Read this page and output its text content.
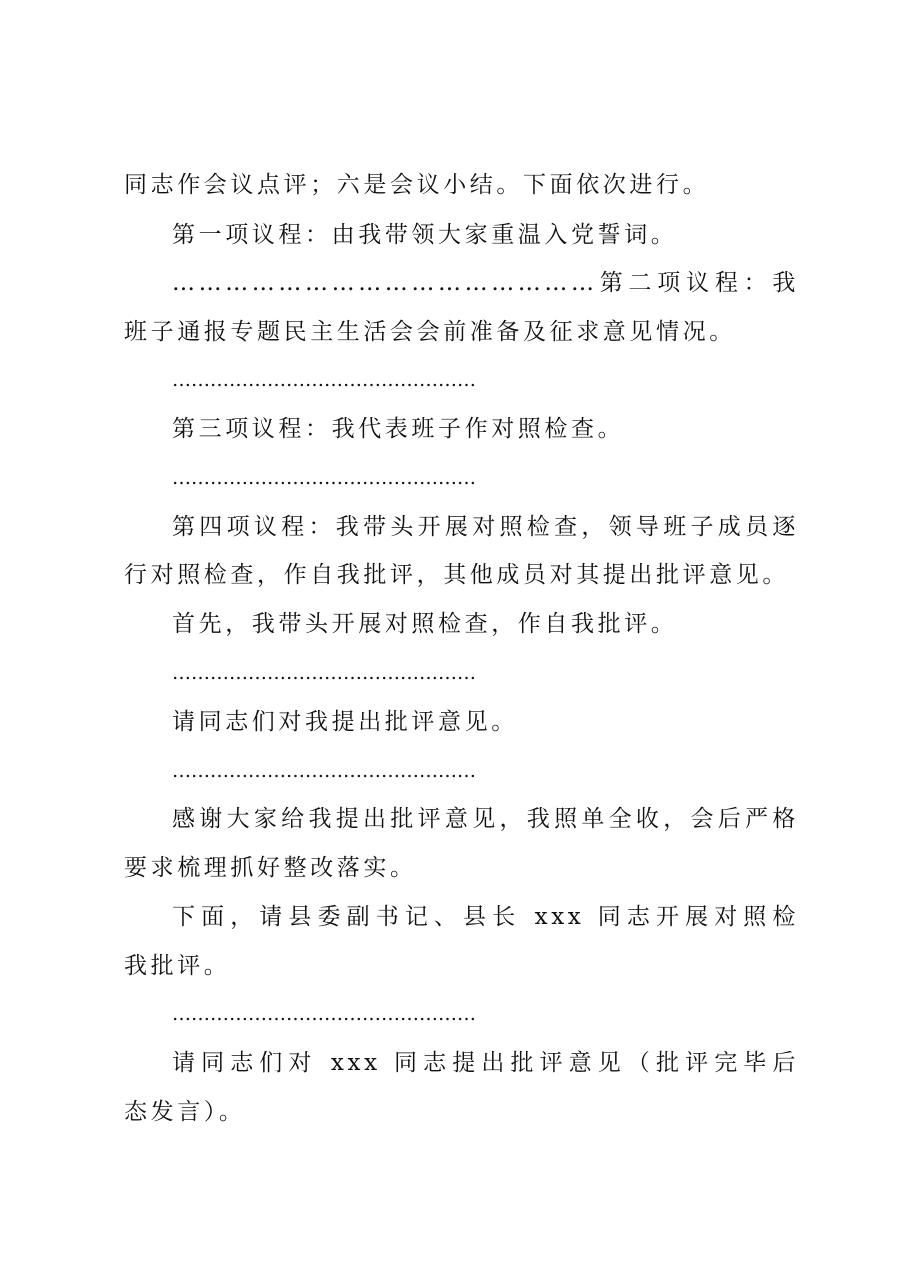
同志作会议点评；六是会议小结。下面依次进行。
第一项议程：由我带领大家重温入党誓词。
…………………………………………第二项议程：我
班子通报专题民主生活会会前准备及征求意见情况。
…………………………………………
第三项议程：我代表班子作对照检查。
…………………………………………
第四项议程：我带头开展对照检查，领导班子成员逐
行对照检查，作自我批评，其他成员对其提出批评意见。
首先，我带头开展对照检查，作自我批评。
…………………………………………
请同志们对我提出批评意见。
…………………………………………
感谢大家给我提出批评意见，我照单全收，会后严格
要求梳理抓好整改落实。
下面，请县委副书记、县长 xxx 同志开展对照检
我批评。
…………………………………………
请同志们对 xxx 同志提出批评意见（批评完毕后
态发言）。
